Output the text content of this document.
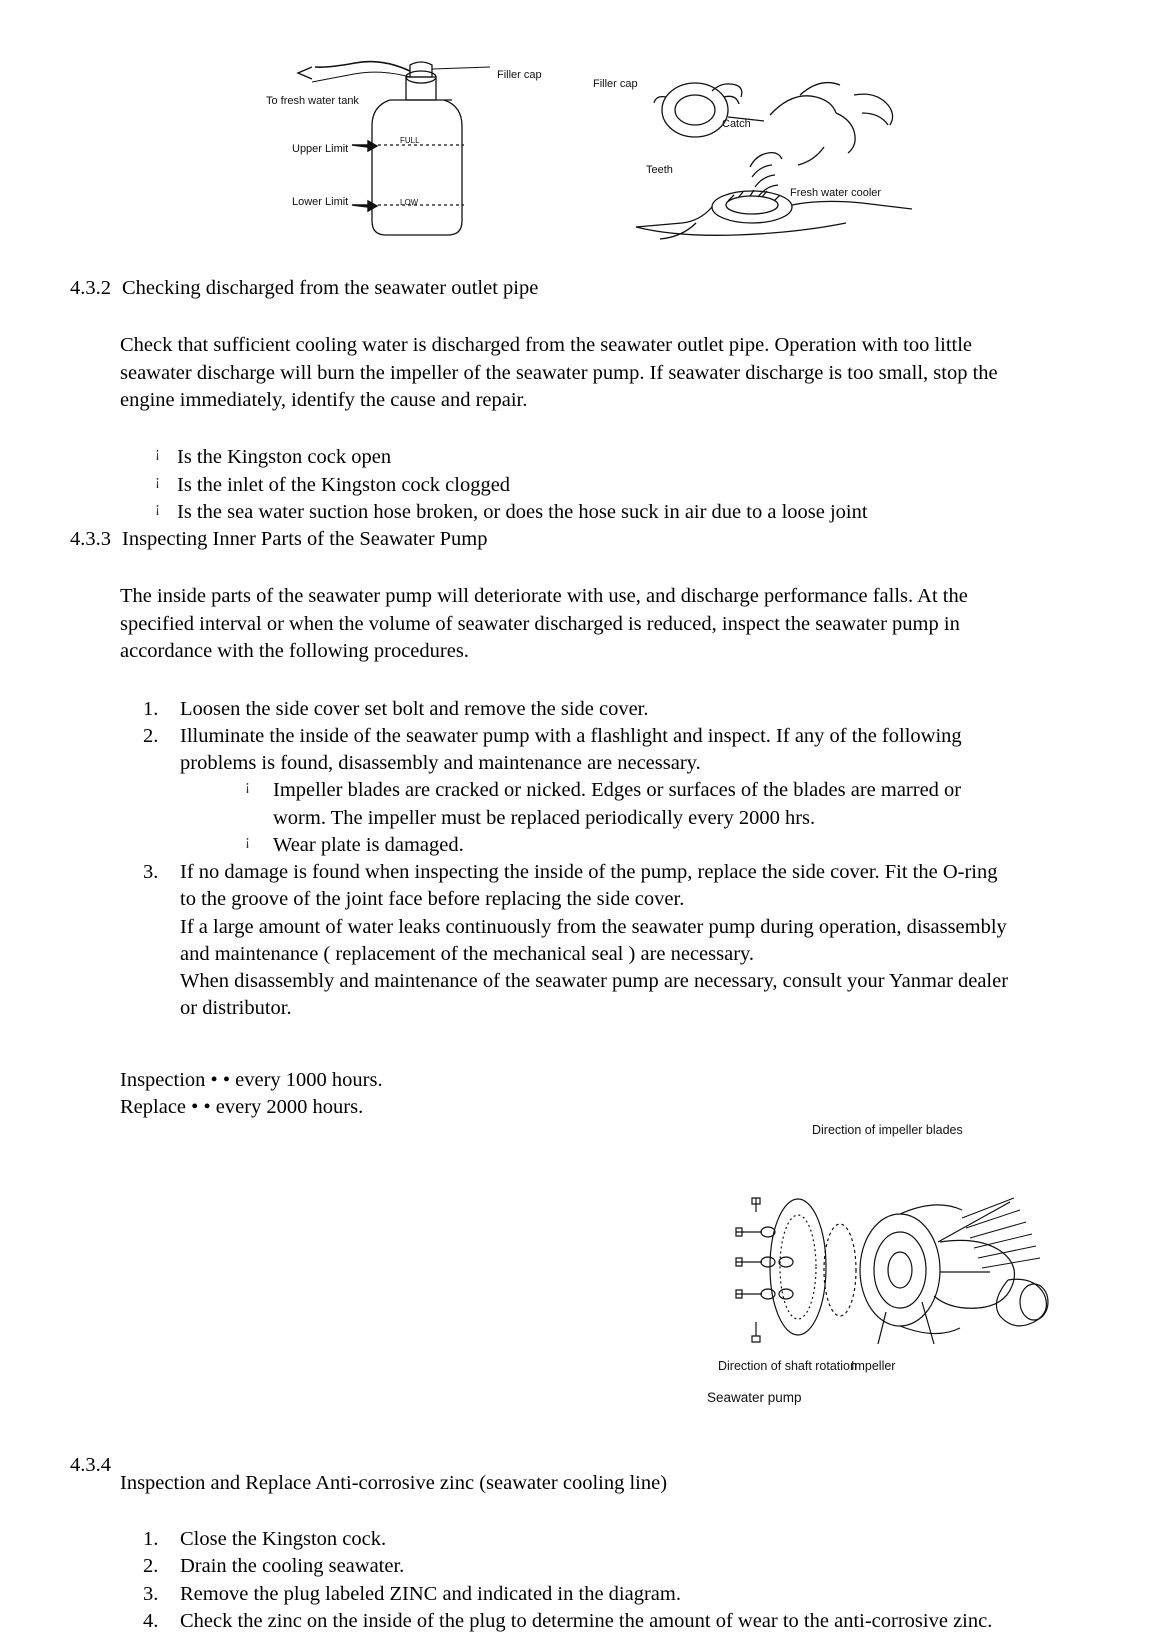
FULL
LOW
To fresh water tank
Upper Limit
Lower Limit
Filler cap
Filler cap
Catch
Teeth
Fresh water cooler
4.3.2 Checking discharged from the seawater outlet pipe

Check that sufficient cooling water is discharged from the seawater outlet pipe. Operation with too little seawater discharge will burn the impeller of the seawater pump. If seawater discharge is too small, stop the engine immediately, identify the cause and repair.

¡ Is the Kingston cock open
¡ Is the inlet of the Kingston cock clogged
¡ Is the sea water suction hose broken, or does the hose suck in air due to a loose joint
4.3.3 Inspecting Inner Parts of the Seawater Pump

The inside parts of the seawater pump will deteriorate with use, and discharge performance falls. At the specified interval or when the volume of seawater discharged is reduced, inspect the seawater pump in accordance with the following procedures.

Loosen the side cover set bolt and remove the side cover.
Illuminate the inside of the seawater pump with a flashlight and inspect. If any of the following problems is found, disassembly and maintenance are necessary.
¡ Impeller blades are cracked or nicked. Edges or surfaces of the blades are marred or worm. The impeller must be replaced periodically every 2000 hrs.
¡ Wear plate is damaged.
If no damage is found when inspecting the inside of the pump, replace the side cover. Fit the O-ring to the groove of the joint face before replacing the side cover.
If a large amount of water leaks continuously from the seawater pump during operation, disassembly and maintenance ( replacement of the mechanical seal ) are necessary.
When disassembly and maintenance of the seawater pump are necessary, consult your Yanmar dealer or distributor.
Inspection • • every 1000 hours.
Replace • • every 2000 hours.
Direction of impeller blades
Direction of shaft rotation
Impeller
Seawater pump
4.3.4
Inspection and Replace Anti-corrosive zinc (seawater cooling line)
Close the Kingston cock.
Drain the cooling seawater.
Remove the plug labeled ZINC and indicated in the diagram.
Check the zinc on the inside of the plug to determine the amount of wear to the anti-corrosive zinc.
